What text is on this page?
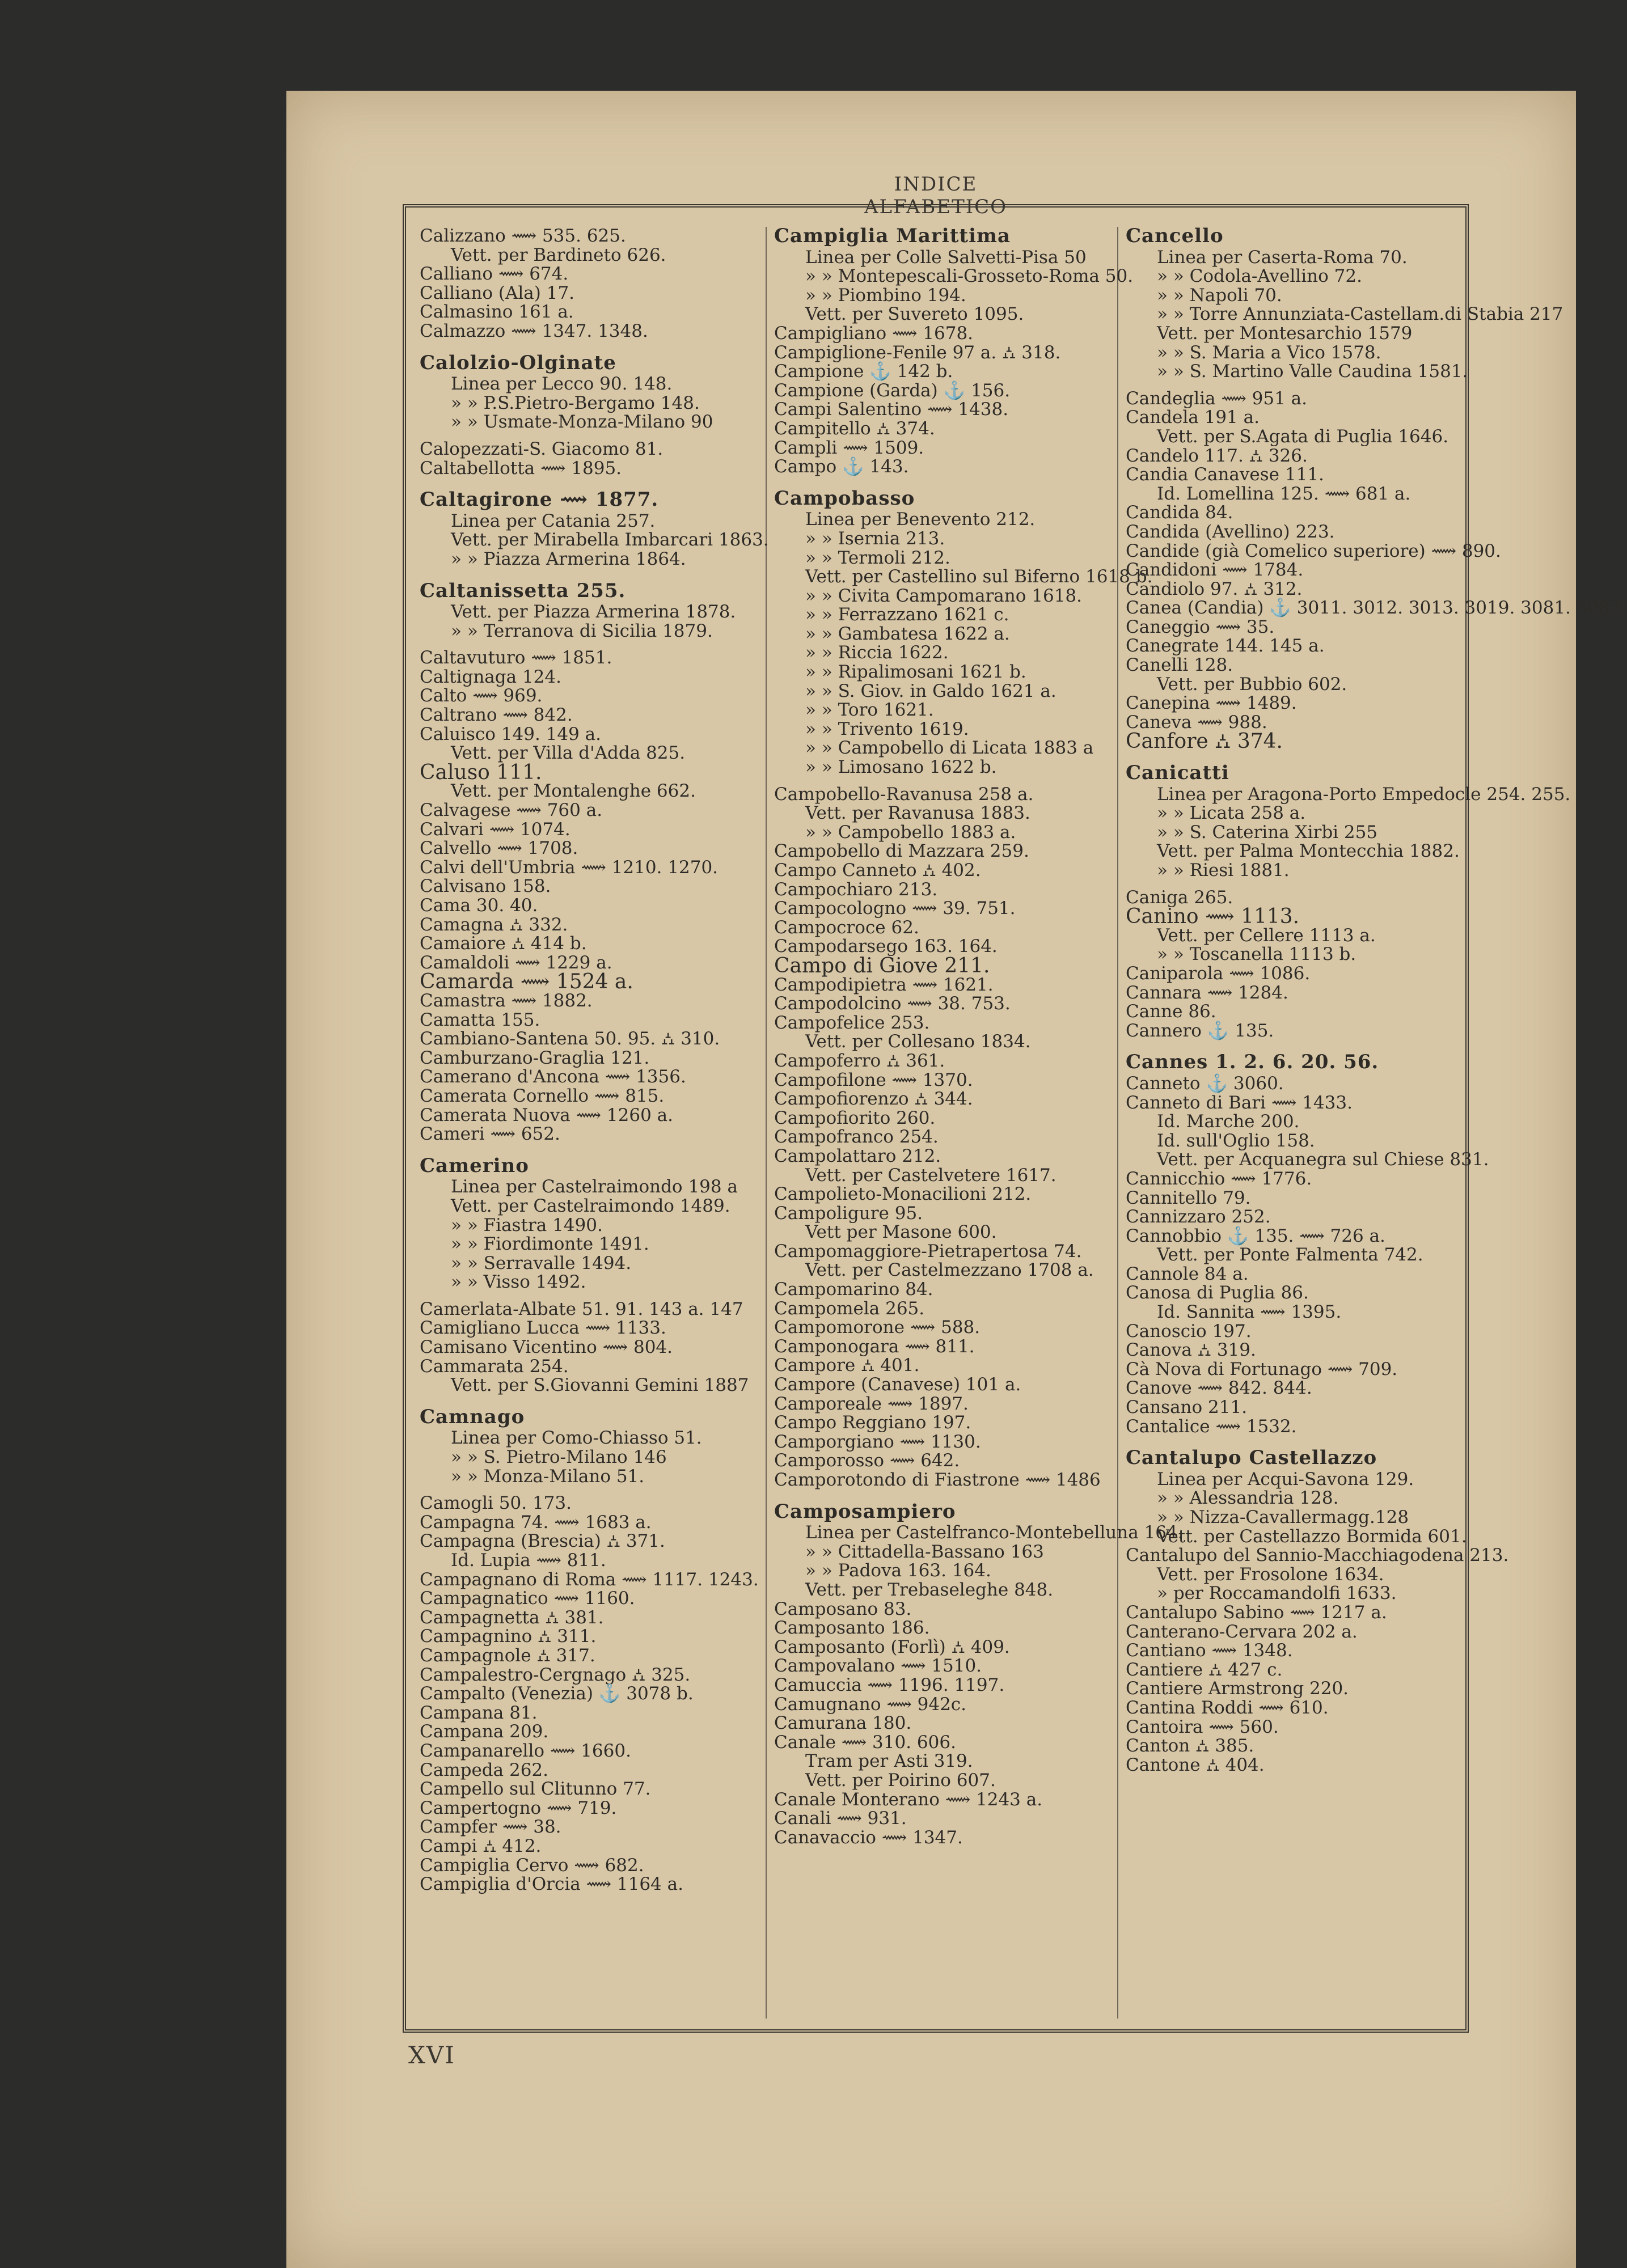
INDICE ALFABETICO
Calizzano ⟿ 535. 625.
Vett. per Bardineto 626.
Calliano ⟿ 674.
Calliano (Ala) 17.
Calmasino 161 a.
Calmazzo ⟿ 1347. 1348.
Calolzio-Olginate
Linea per Lecco 90. 148.
» » P.S.Pietro-Bergamo 148.
» » Usmate-Monza-Milano 90
Calopezzati-S. Giacomo 81.
Caltabellotta ⟿ 1895.
Caltagirone ⟿ 1877.
Linea per Catania 257.
Vett. per Mirabella Imbarcari 1863.
» » Piazza Armerina 1864.
Caltanissetta 255.
Vett. per Piazza Armerina 1878.
» » Terranova di Sicilia 1879.
Caltavuturo ⟿ 1851.
Caltignaga 124.
Calto ⟿ 969.
Caltrano ⟿ 842.
Caluisco 149. 149 a.
Vett. per Villa d'Adda 825.
Caluso 111.
Vett. per Montalenghe 662.
Calvagese ⟿ 760 a.
Calvari ⟿ 1074.
Calvello ⟿ 1708.
Calvi dell'Umbria ⟿ 1210. 1270.
Calvisano 158.
Cama 30. 40.
Camagna ⛼ 332.
Camaiore ⛼ 414 b.
Camaldoli ⟿ 1229 a.
Camarda ⟿ 1524 a.
Camastra ⟿ 1882.
Camatta 155.
Cambiano-Santena 50. 95. ⛼ 310.
Camburzano-Graglia 121.
Camerano d'Ancona ⟿ 1356.
Camerata Cornello ⟿ 815.
Camerata Nuova ⟿ 1260 a.
Cameri ⟿ 652.
Camerino
Linea per Castelraimondo 198 a
Vett. per Castelraimondo 1489.
» » Fiastra 1490.
» » Fiordimonte 1491.
» » Serravalle 1494.
» » Visso 1492.
Camerlata-Albate 51. 91. 143 a. 147
Camigliano Lucca ⟿ 1133.
Camisano Vicentino ⟿ 804.
Cammarata 254.
Vett. per S.Giovanni Gemini 1887
Camnago
Linea per Como-Chiasso 51.
» » S. Pietro-Milano 146
» » Monza-Milano 51.
Camogli 50. 173.
Campagna 74. ⟿ 1683 a.
Campagna (Brescia) ⛼ 371.
Id. Lupia ⟿ 811.
Campagnano di Roma ⟿ 1117. 1243.
Campagnatico ⟿ 1160.
Campagnetta ⛼ 381.
Campagnino ⛼ 311.
Campagnole ⛼ 317.
Campalestro-Cergnago ⛼ 325.
Campalto (Venezia) ⚓ 3078 b.
Campana 81.
Campana 209.
Campanarello ⟿ 1660.
Campeda 262.
Campello sul Clitunno 77.
Campertogno ⟿ 719.
Campfer ⟿ 38.
Campi ⛼ 412.
Campiglia Cervo ⟿ 682.
Campiglia d'Orcia ⟿ 1164 a.
Campiglia Marittima
Linea per Colle Salvetti-Pisa 50
» » Montepescali-Grosseto-Roma 50.
» » Piombino 194.
Vett. per Suvereto 1095.
Campigliano ⟿ 1678.
Campiglione-Fenile 97 a. ⛼ 318.
Campione ⚓ 142 b.
Campione (Garda) ⚓ 156.
Campi Salentino ⟿ 1438.
Campitello ⛼ 374.
Campli ⟿ 1509.
Campo ⚓ 143.
Campobasso
Linea per Benevento 212.
» » Isernia 213.
» » Termoli 212.
Vett. per Castellino sul Biferno 1618 b.
» » Civita Campomarano 1618.
» » Ferrazzano 1621 c.
» » Gambatesa 1622 a.
» » Riccia 1622.
» » Ripalimosani 1621 b.
» » S. Giov. in Galdo 1621 a.
» » Toro 1621.
» » Trivento 1619.
» » Campobello di Licata 1883 a
» » Limosano 1622 b.
Campobello-Ravanusa 258 a.
Vett. per Ravanusa 1883.
» » Campobello 1883 a.
Campobello di Mazzara 259.
Campo Canneto ⛼ 402.
Campochiaro 213.
Campocologno ⟿ 39. 751.
Campocroce 62.
Campodarsego 163. 164.
Campo di Giove 211.
Campodipietra ⟿ 1621.
Campodolcino ⟿ 38. 753.
Campofelice 253.
Vett. per Collesano 1834.
Campoferro ⛼ 361.
Campofilone ⟿ 1370.
Campofiorenzo ⛼ 344.
Campofiorito 260.
Campofranco 254.
Campolattaro 212.
Vett. per Castelvetere 1617.
Campolieto-Monacilioni 212.
Campoligure 95.
Vett per Masone 600.
Campomaggiore-Pietrapertosa 74.
Vett. per Castelmezzano 1708 a.
Campomarino 84.
Campomela 265.
Campomorone ⟿ 588.
Camponogara ⟿ 811.
Campore ⛼ 401.
Campore (Canavese) 101 a.
Camporeale ⟿ 1897.
Campo Reggiano 197.
Camporgiano ⟿ 1130.
Camporosso ⟿ 642.
Camporotondo di Fiastrone ⟿ 1486
Camposampiero
Linea per Castelfranco-Montebelluna 164.
» » Cittadella-Bassano 163
» » Padova 163. 164.
Vett. per Trebaseleghe 848.
Camposano 83.
Camposanto 186.
Camposanto (Forlì) ⛼ 409.
Campovalano ⟿ 1510.
Camuccia ⟿ 1196. 1197.
Camugnano ⟿ 942c.
Camurana 180.
Canale ⟿ 310. 606.
Tram per Asti 319.
Vett. per Poirino 607.
Canale Monterano ⟿ 1243 a.
Canali ⟿ 931.
Canavaccio ⟿ 1347.
Cancello
Linea per Caserta-Roma 70.
» » Codola-Avellino 72.
» » Napoli 70.
» » Torre Annunziata-Castellam.di Stabia 217
Vett. per Montesarchio 1579
» » S. Maria a Vico 1578.
» » S. Martino Valle Caudina 1581.
Candeglia ⟿ 951 a.
Candela 191 a.
Vett. per S.Agata di Puglia 1646.
Candelo 117. ⛼ 326.
Candia Canavese 111.
Id. Lomellina 125. ⟿ 681 a.
Candida 84.
Candida (Avellino) 223.
Candide (già Comelico superiore) ⟿ 890.
Candidoni ⟿ 1784.
Candiolo 97. ⛼ 312.
Canea (Candia) ⚓ 3011. 3012. 3013. 3019. 3081. 3082.
Caneggio ⟿ 35.
Canegrate 144. 145 a.
Canelli 128.
Vett. per Bubbio 602.
Canepina ⟿ 1489.
Caneva ⟿ 988.
Canfore ⛼ 374.
Canicatti
Linea per Aragona-Porto Empedocle 254. 255.
» » Licata 258 a.
» » S. Caterina Xirbi 255
Vett. per Palma Montecchia 1882.
» » Riesi 1881.
Caniga 265.
Canino ⟿ 1113.
Vett. per Cellere 1113 a.
» » Toscanella 1113 b.
Caniparola ⟿ 1086.
Cannara ⟿ 1284.
Canne 86.
Cannero ⚓ 135.
Cannes 1. 2. 6. 20. 56.
Canneto ⚓ 3060.
Canneto di Bari ⟿ 1433.
Id. Marche 200.
Id. sull'Oglio 158.
Vett. per Acquanegra sul Chiese 831.
Cannicchio ⟿ 1776.
Cannitello 79.
Cannizzaro 252.
Cannobbio ⚓ 135. ⟿ 726 a.
Vett. per Ponte Falmenta 742.
Cannole 84 a.
Canosa di Puglia 86.
Id. Sannita ⟿ 1395.
Canoscio 197.
Canova ⛼ 319.
Cà Nova di Fortunago ⟿ 709.
Canove ⟿ 842. 844.
Cansano 211.
Cantalice ⟿ 1532.
Cantalupo Castellazzo
Linea per Acqui-Savona 129.
» » Alessandria 128.
» » Nizza-Cavallermagg.128
Vett. per Castellazzo Bormida 601.
Cantalupo del Sannio-Macchiagodena 213.
Vett. per Frosolone 1634.
» per Roccamandolfi 1633.
Cantalupo Sabino ⟿ 1217 a.
Canterano-Cervara 202 a.
Cantiano ⟿ 1348.
Cantiere ⛼ 427 c.
Cantiere Armstrong 220.
Cantina Roddi ⟿ 610.
Cantoira ⟿ 560.
Canton ⛼ 385.
Cantone ⛼ 404.
XVI
